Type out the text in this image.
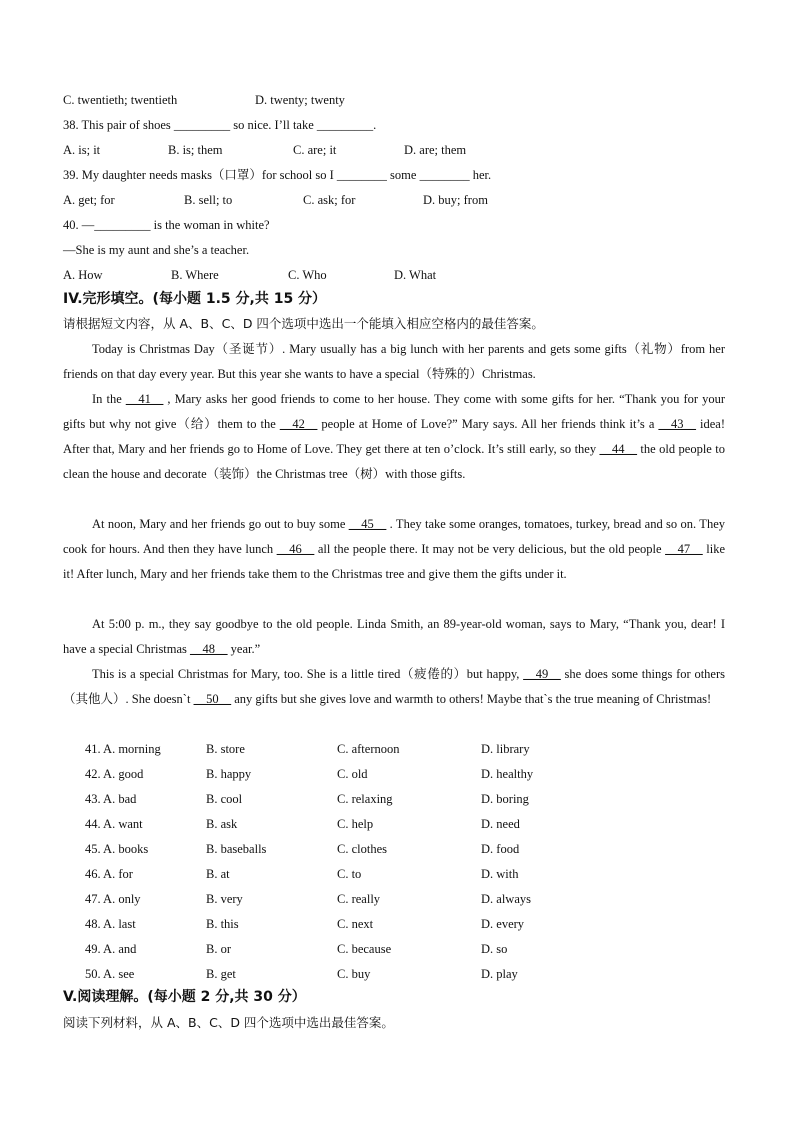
C. twentieth; twentieth	D. twenty; twenty
38. This pair of shoes _________ so nice. I’ll take _________.
A. is; it	B. is; them	C. are; it	D. are; them
39. My daughter needs masks（口罩）for school so I ________ some ________ her.
A. get; for	B. sell; to	C. ask; for	D. buy; from
40. —_________ is the woman in white?
—She is my aunt and she’s a teacher.
A. How	B. Where	C. Who	D. What
IV.完形填空。(每小题 1.5 分,共 15 分）
请根据短文内容，从 A、B、C、D 四个选项中选出一个能填入相应空格内的最佳答案。
Today is Christmas Day（圣诞节）. Mary usually has a big lunch with her parents and gets some gifts（礼物）from her friends on that day every year. But this year she wants to have a special（特殊的）Christmas.
In the __41__ , Mary asks her good friends to come to her house. They come with some gifts for her. “Thank you for your gifts but why not give（给）them to the __42__ people at Home of Love?” Mary says. All her friends think it’s a __43__ idea! After that, Mary and her friends go to Home of Love. They get there at ten o’clock. It’s still early, so they __44__ the old people to clean the house and decorate（装饰）the Christmas tree（树）with those gifts.
At noon, Mary and her friends go out to buy some __45__ . They take some oranges, tomatoes, turkey, bread and so on. They cook for hours. And then they have lunch __46__ all the people there. It may not be very delicious, but the old people __47__ like it! After lunch, Mary and her friends take them to the Christmas tree and give them the gifts under it.
At 5:00 p. m., they say goodbye to the old people. Linda Smith, an 89-year-old woman, says to Mary, “Thank you, dear! I have a special Christmas __48__ year.”
This is a special Christmas for Mary, too. She is a little tired（疲倦的）but happy, __49__ she does some things for others（其他人）. She doesn`t __50__ any gifts but she gives love and warmth to others! Maybe that`s the true meaning of Christmas!
41. A. morning	B. store	C. afternoon	D. library
42. A. good	B. happy	C. old	D. healthy
43. A. bad	B. cool	C. relaxing	D. boring
44. A. want	B. ask	C. help	D. need
45. A. books	B. baseballs	C. clothes	D. food
46. A. for	B. at	C. to	D. with
47. A. only	B. very	C. really	D. always
48. A. last	B. this	C. next	D. every
49. A. and	B. or	C. because	D. so
50. A. see	B. get	C. buy	D. play
V.阅读理解。(每小题 2 分,共 30 分）
阅读下列材料，从 A、B、C、D 四个选项中选出最佳答案。
